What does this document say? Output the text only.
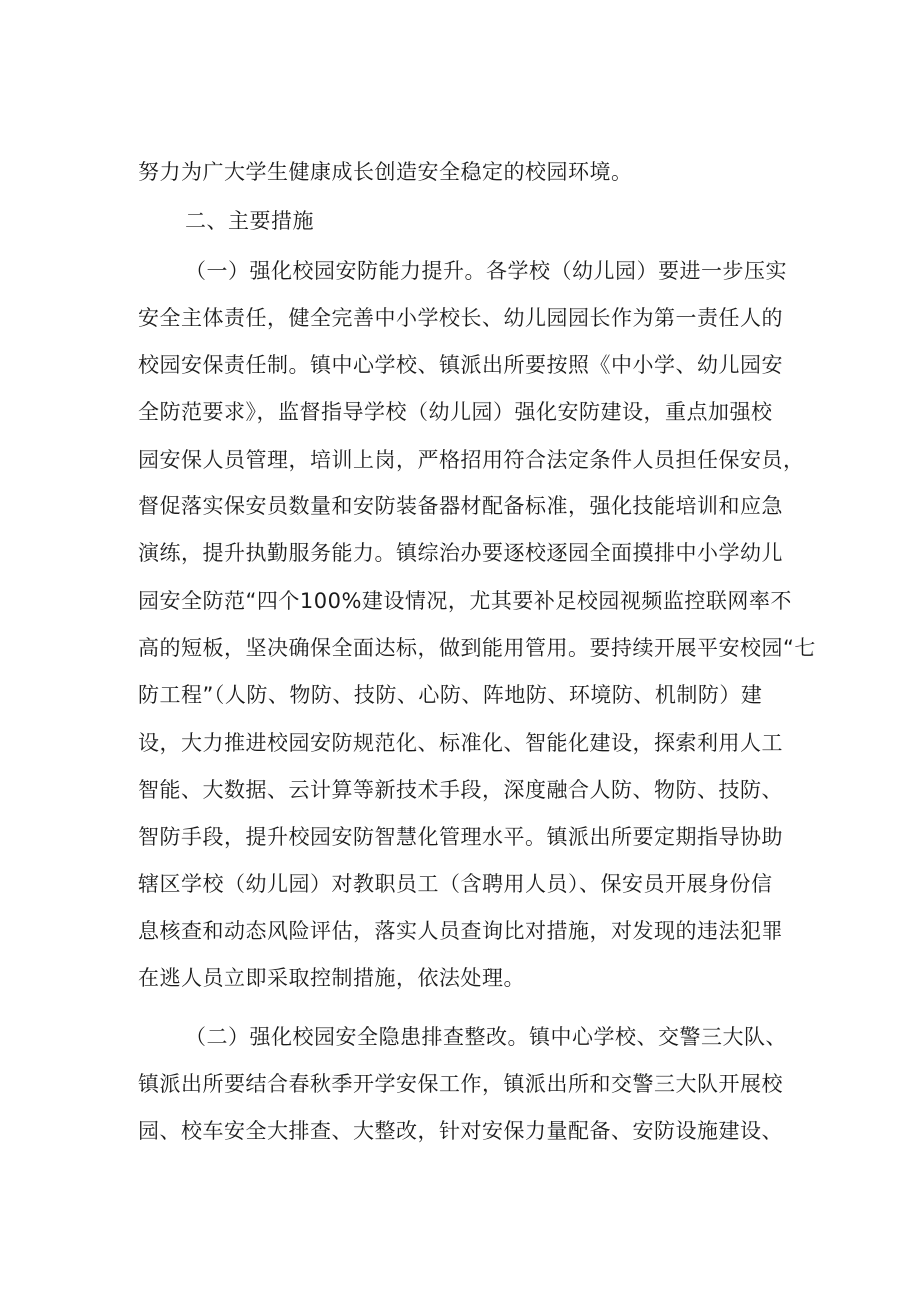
努力为广大学生健康成长创造安全稳定的校园环境。
二、主要措施
（一）强化校园安防能力提升。各学校（幼儿园）要进一步压实
安全主体责任，健全完善中小学校长、幼儿园园长作为第一责任人的
校园安保责任制。镇中心学校、镇派出所要按照《中小学、幼儿园安
全防范要求》，监督指导学校（幼儿园）强化安防建设，重点加强校
园安保人员管理，培训上岗，严格招用符合法定条件人员担任保安员，
督促落实保安员数量和安防装备器材配备标准，强化技能培训和应急
演练，提升执勤服务能力。镇综治办要逐校逐园全面摸排中小学幼儿
园安全防范“四个100%建设情况，尤其要补足校园视频监控联网率不
高的短板，坚决确保全面达标，做到能用管用。要持续开展平安校园“七
防工程”（人防、物防、技防、心防、阵地防、环境防、机制防）建
设，大力推进校园安防规范化、标准化、智能化建设，探索利用人工
智能、大数据、云计算等新技术手段，深度融合人防、物防、技防、
智防手段，提升校园安防智慧化管理水平。镇派出所要定期指导协助
辖区学校（幼儿园）对教职员工（含聘用人员）、保安员开展身份信
息核查和动态风险评估，落实人员查询比对措施，对发现的违法犯罪
在逃人员立即采取控制措施，依法处理。
（二）强化校园安全隐患排查整改。镇中心学校、交警三大队、
镇派出所要结合春秋季开学安保工作，镇派出所和交警三大队开展校
园、校车安全大排查、大整改，针对安保力量配备、安防设施建设、
